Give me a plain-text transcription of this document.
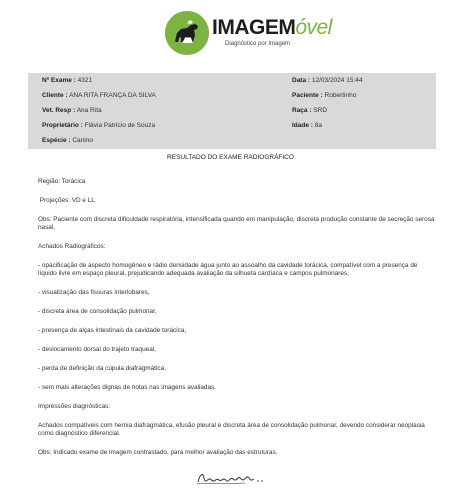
IMAGEMóvel
Diagnóstico por Imagem
Nº Exame : 4321	Data : 12/03/2024 15:44
Cliente : ANA RITA FRANÇA DA SILVA	Paciente : Robertinho
Vet. Resp : Ana Rita	Raça : SRD
Proprietário : Flávia Patrício de Souza	Idade : 8a
Espécie : Canino
RESULTADO DO EXAME RADIOGRÁFICO

Região: Torácica

Projeções: VD e LL

Obs: Paciente com discreta dificuldade respiratória, intensificada quando em manipulação, discreta produção constante de secreção serosa nasal,

Achados Radiográficos:

- opacificação de aspecto homogêneo e rádio densidade água junto ao assoalho da cavidade torácica, compatível com a presença de líquido livre em espaço pleural, prejudicando adequada avaliação da silhueta cardíaca e campos pulmonares,

- visualização das fissuras interlobares,

- discreta área de consolidação pulmonar,

- presença de alças intestinais da cavidade torácica,

- deslocamento dorsal do trajeto traqueal,

- perda de definição da cúpula diafragmática,

- sem mais alterações dignas de notas nas imagens avaliadas.

Impressões diagnósticas:

Achados compatíveis com hernia diafragmática, efusão pleural e discreta área de consolidação pulmonar, devendo considerar neoplasia como diagnóstico diferencial.

Obs: Indicado exame de imagem contrastado, para melhor avaliação das estruturas.
